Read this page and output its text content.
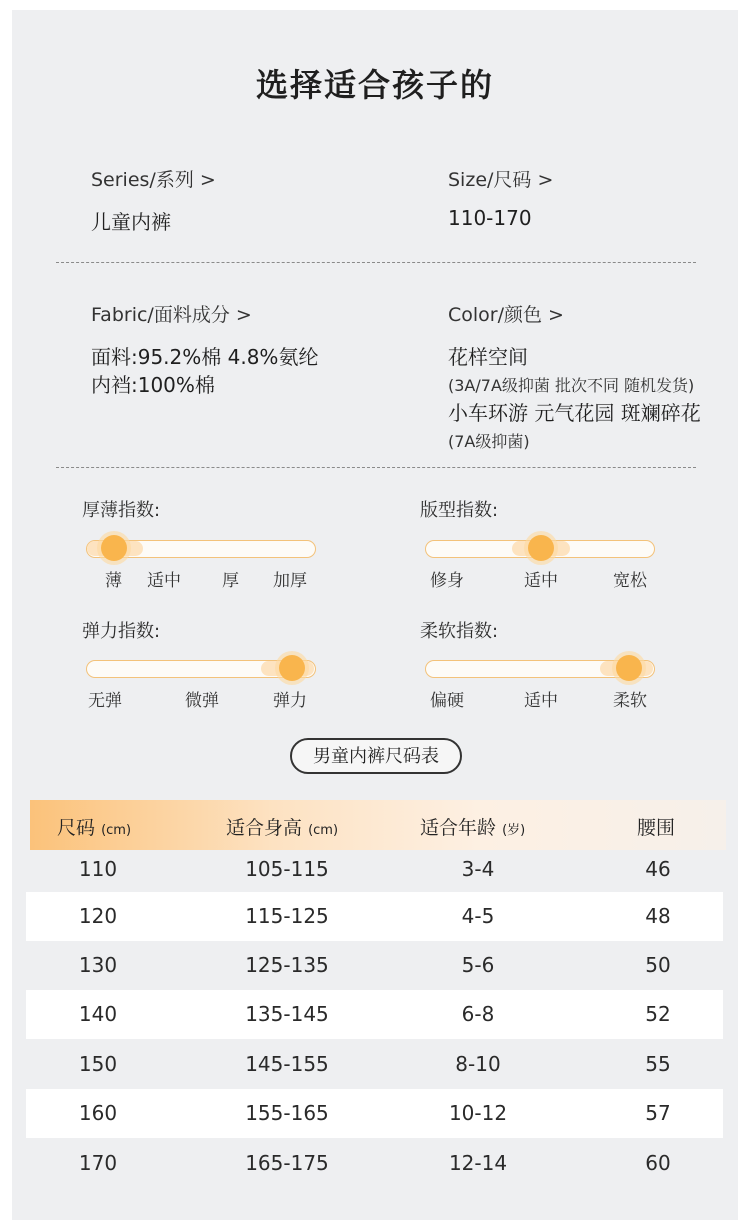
选择适合孩子的
Series/系列 >
儿童内裤
Size/尺码 >
110-170
Fabric/面料成分 >
面料:95.2%棉 4.8%氨纶
内裆:100%棉
Color/颜色 >
花样空间
(3A/7A级抑菌 批次不同 随机发货)
小车环游 元气花园 斑斓碎花
(7A级抑菌)
厚薄指数:
薄 适中 厚 加厚
版型指数:
修身	适中	宽松
弹力指数:
无弹	微弹	弹力
柔软指数:
偏硬	适中	柔软
男童内裤尺码表
尺码 (cm)	适合身高 (cm)	适合年龄 (岁)	腰围
110	105-115	3-4	46
120	115-125	4-5	48
130	125-135	5-6	50
140	135-145	6-8	52
150	145-155	8-10	55
160	155-165	10-12	57
170	165-175	12-14	60
